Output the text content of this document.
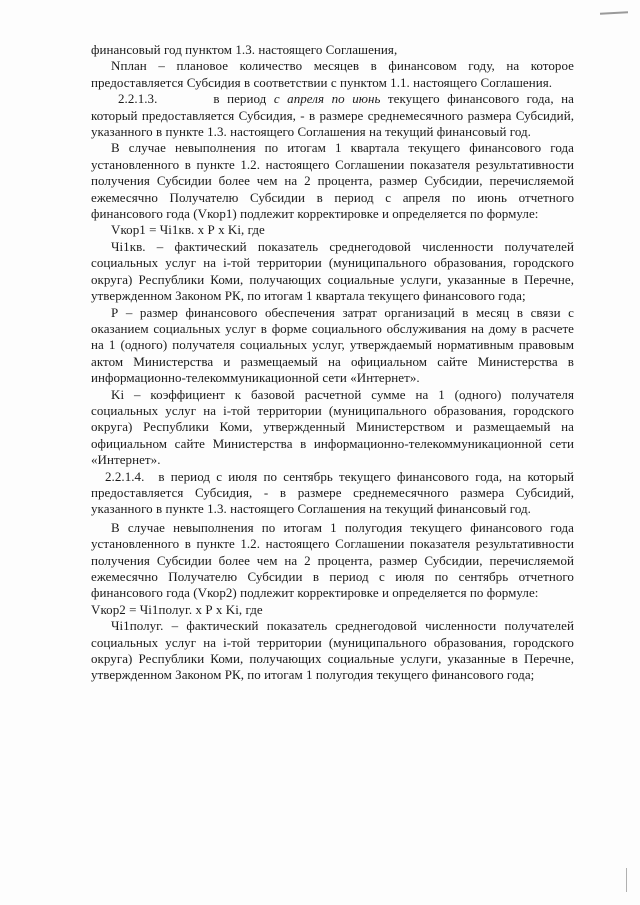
финансовый год пунктом 1.3. настоящего Соглашения,

Nплан – плановое количество месяцев в финансовом году, на которое предоставляется Субсидия в соответствии с пунктом 1.1. настоящего Соглашения.

2.2.1.3.	в период с апреля по июнь текущего финансового года, на который предоставляется Субсидия, - в размере среднемесячного размера Субсидий, указанного в пункте 1.3. настоящего Соглашения на текущий финансовый год.

В случае невыполнения по итогам 1 квартала текущего финансового года установленного в пункте 1.2. настоящего Соглашении показателя результативности получения Субсидии более чем на 2 процента, размер Субсидии, перечисляемой ежемесячно Получателю Субсидии в период с апреля по июнь отчетного финансового года (Vкор1) подлежит корректировке и определяется по формуле:

Vкор1 = Чi1кв. х Р х Ki, где

Чi1кв. – фактический показатель среднегодовой численности получателей социальных услуг на i-той территории (муниципального образования, городского округа) Республики Коми, получающих социальные услуги, указанные в Перечне, утвержденном Законом РК, по итогам 1 квартала текущего финансового года;

Р – размер финансового обеспечения затрат организаций в месяц в связи с оказанием социальных услуг в форме социального обслуживания на дому в расчете на 1 (одного) получателя социальных услуг, утверждаемый нормативным правовым актом Министерства и размещаемый на официальном сайте Министерства в информационно-телекоммуникационной сети «Интернет».

Ki – коэффициент к базовой расчетной сумме на 1 (одного) получателя социальных услуг на i-той территории (муниципального образования, городского округа) Республики Коми, утвержденный Министерством и размещаемый на официальном сайте Министерства в информационно-телекоммуникационной сети «Интернет».

2.2.1.4. в период с июля по сентябрь текущего финансового года, на который предоставляется Субсидия, - в размере среднемесячного размера Субсидий, указанного в пункте 1.3. настоящего Соглашения на текущий финансовый год.

В случае невыполнения по итогам 1 полугодия текущего финансового года установленного в пункте 1.2. настоящего Соглашении показателя результативности получения Субсидии более чем на 2 процента, размер Субсидии, перечисляемой ежемесячно Получателю Субсидии в период с июля по сентябрь отчетного финансового года (Vкор2) подлежит корректировке и определяется по формуле:

Vкор2 = Чi1полуг. х Р х Ki, где

Чi1полуг. – фактический показатель среднегодовой численности получателей социальных услуг на i-той территории (муниципального образования, городского округа) Республики Коми, получающих социальные услуги, указанные в Перечне, утвержденном Законом РК, по итогам 1 полугодия текущего финансового года;
